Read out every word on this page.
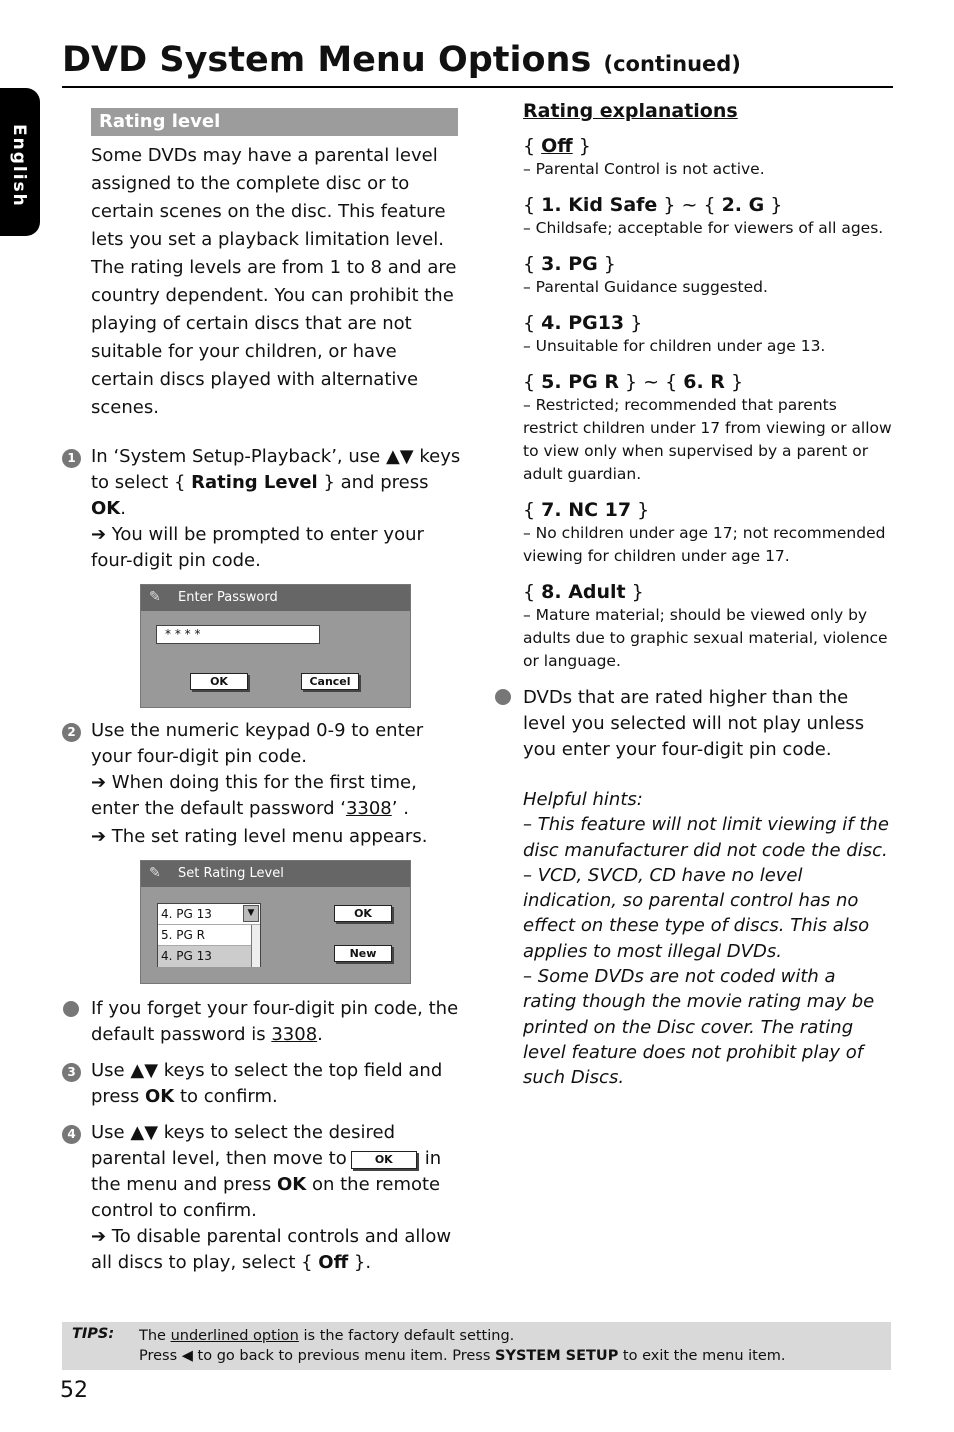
English
DVD System Menu Options (continued)
Rating level
Some DVDs may have a parental level assigned to the complete disc or to certain scenes on the disc. This feature lets you set a playback limitation level. The rating levels are from 1 to 8 and are country dependent. You can prohibit the playing of certain discs that are not suitable for your children, or have certain discs played with alternative scenes.
1 In ‘System Setup-Playback’, use ▲▼ keys to select { Rating Level } and press OK.
➔ You will be prompted to enter your four-digit pin code.
✎ Enter Password
* * * *
OK	Cancel
2 Use the numeric keypad 0-9 to enter your four-digit pin code.
➔ When doing this for the first time, enter the default password ‘3308’ .
➔ The set rating level menu appears.
✎ Set Rating Level
4. PG 13	▼
5. PG R
4. PG 13
OK
New
If you forget your four-digit pin code, the default password is 3308.
3 Use ▲▼ keys to select the top field and press OK to confirm.
4 Use ▲▼ keys to select the desired parental level, then move to	OK in the menu and press OK on the remote control to confirm.
➔ To disable parental controls and allow all discs to play, select { Off }.
Rating explanations
{ Off }
– Parental Control is not active.
{ 1. Kid Safe } ~ { 2. G }
– Childsafe; acceptable for viewers of all ages.
{ 3. PG }
– Parental Guidance suggested.
{ 4. PG13 }
– Unsuitable for children under age 13.
{ 5. PG R } ~ { 6. R }
– Restricted; recommended that parents restrict children under 17 from viewing or allow to view only when supervised by a parent or adult guardian.
{ 7. NC 17 }
– No children under age 17; not recommended viewing for children under age 17.
{ 8. Adult }
– Mature material; should be viewed only by adults due to graphic sexual material, violence or language.
DVDs that are rated higher than the level you selected will not play unless you enter your four-digit pin code.
Helpful hints:
– This feature will not limit viewing if the disc manufacturer did not code the disc.
– VCD, SVCD, CD have no level indication, so parental control has no effect on these type of discs. This also applies to most illegal DVDs.
– Some DVDs are not coded with a rating though the movie rating may be printed on the Disc cover. The rating level feature does not prohibit play of such Discs.
TIPS: The underlined option is the factory default setting.
Press ◀ to go back to previous menu item. Press SYSTEM SETUP to exit the menu item.
52
